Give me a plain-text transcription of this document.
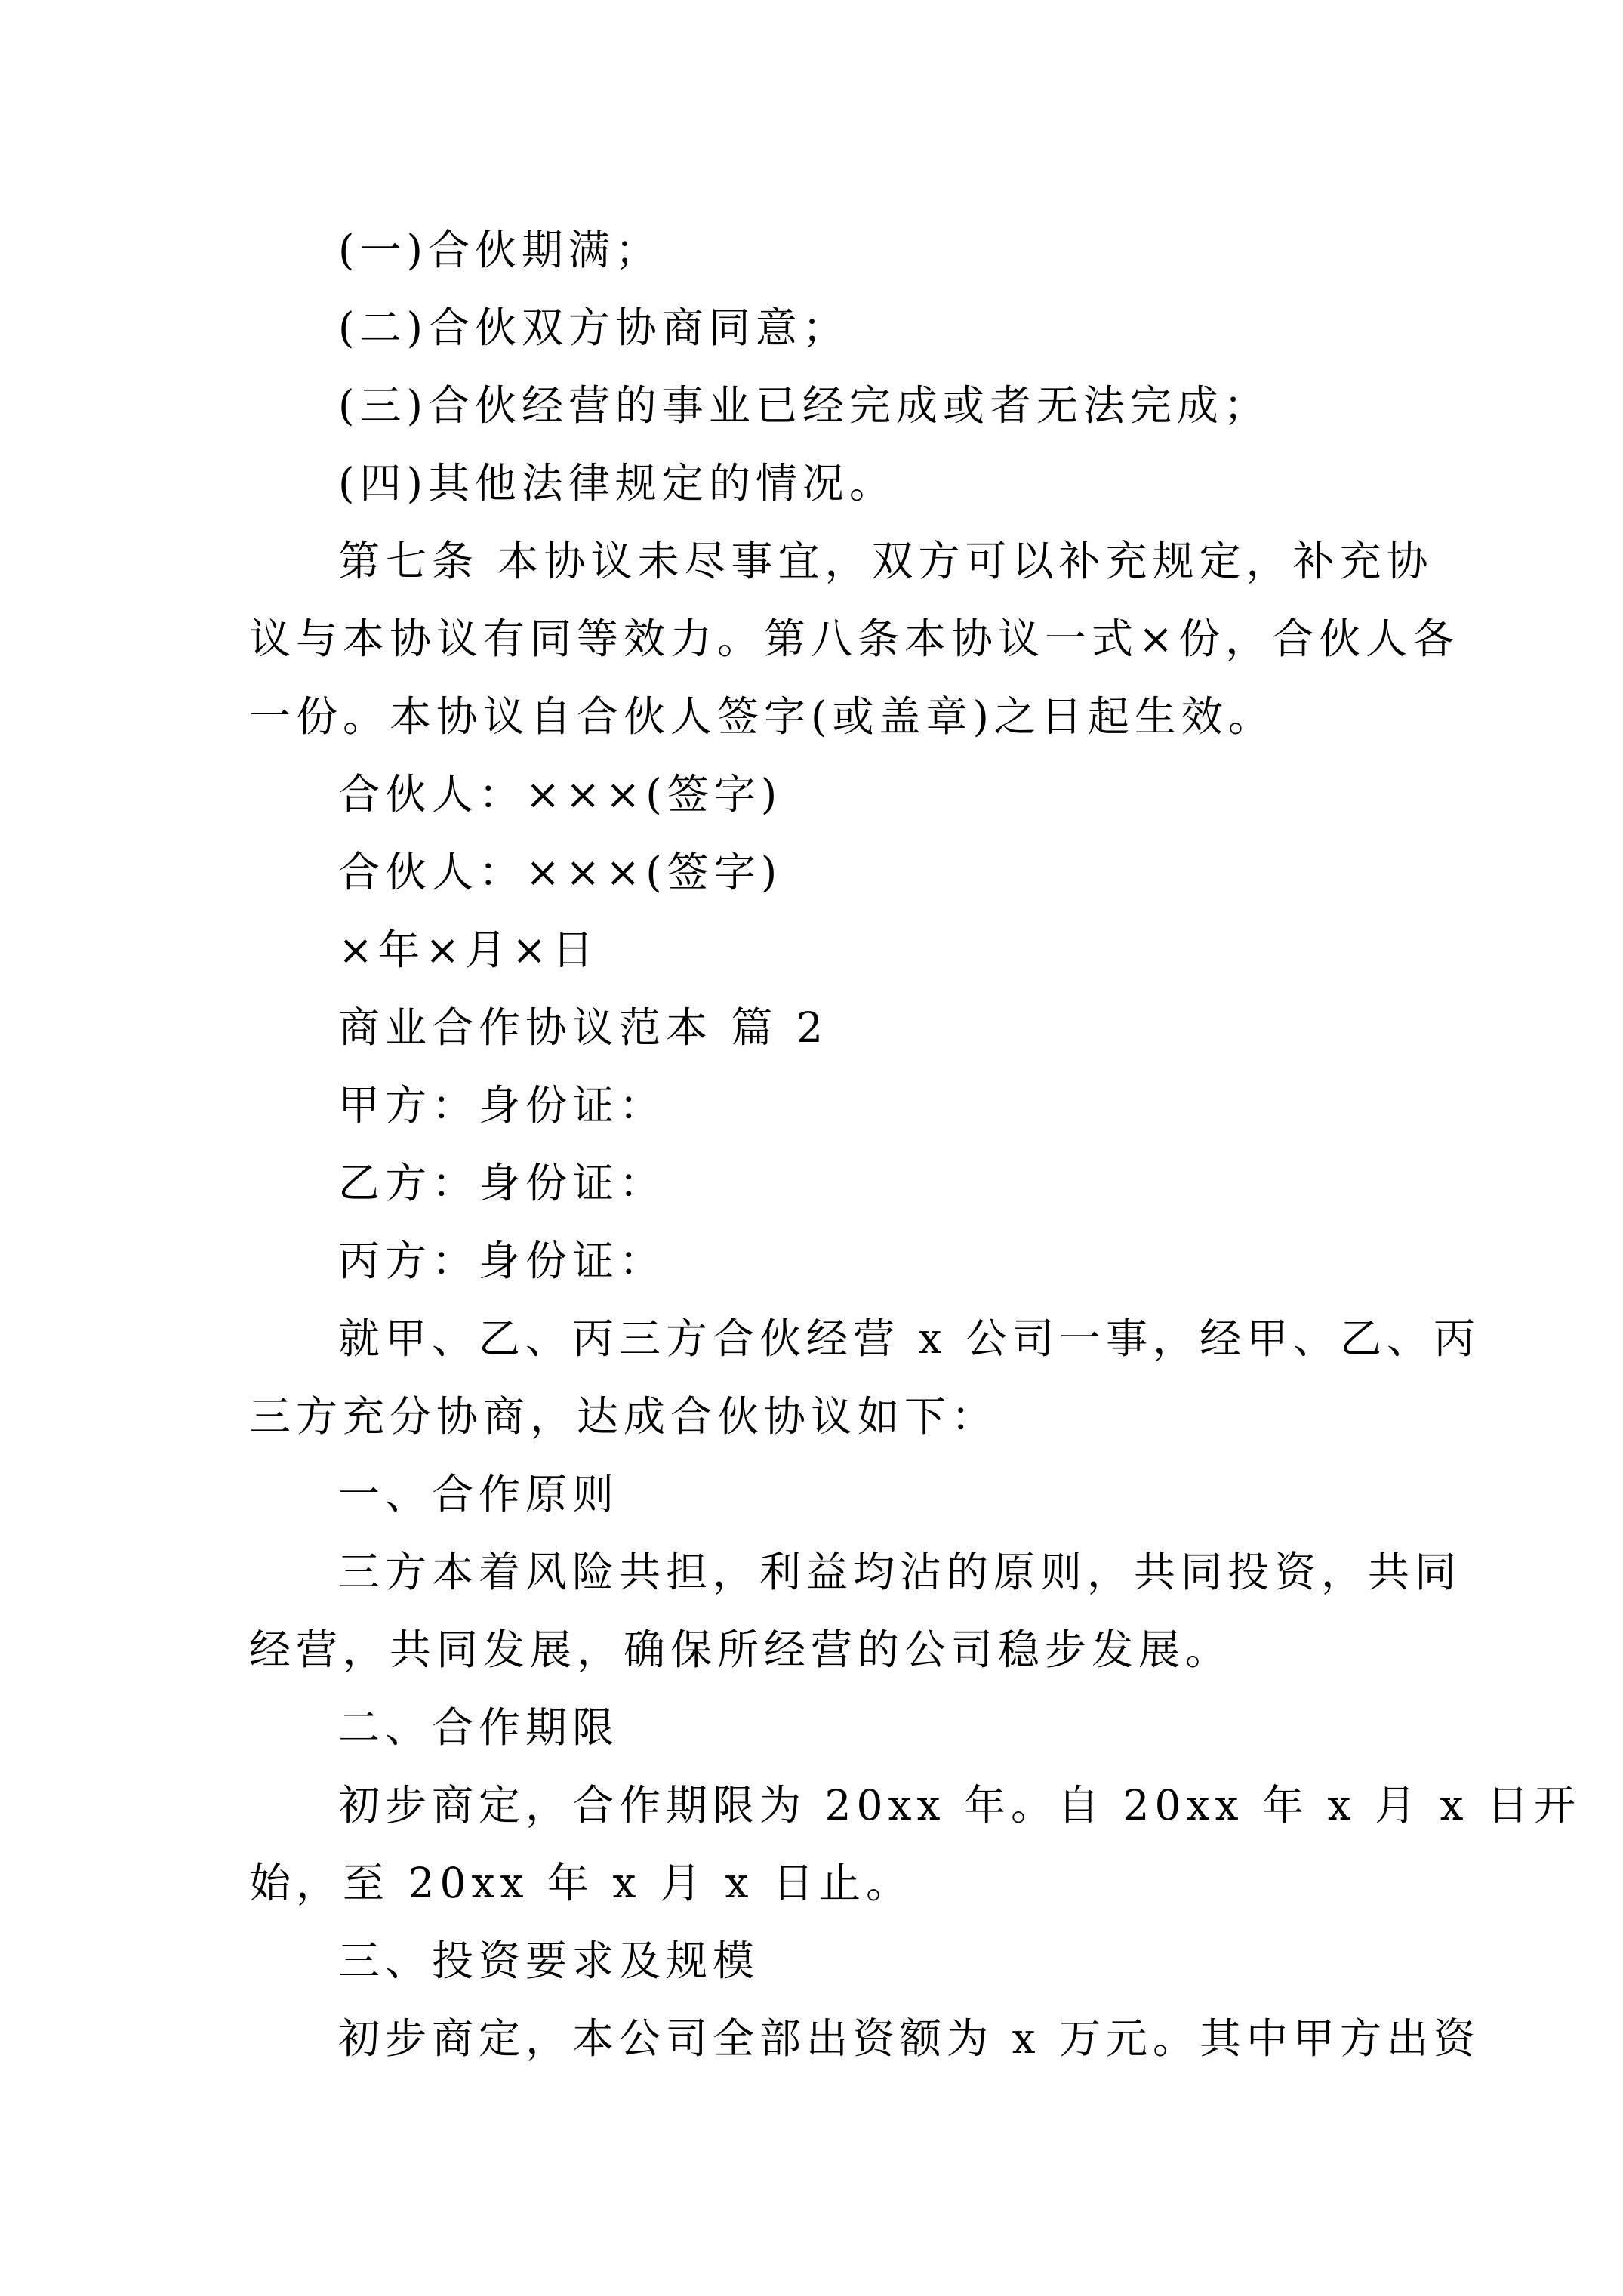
(一)合伙期满；
(二)合伙双方协商同意；
(三)合伙经营的事业已经完成或者无法完成；
(四)其他法律规定的情况。
第七条 本协议未尽事宜，双方可以补充规定，补充协
议与本协议有同等效力。第八条本协议一式×份，合伙人各
一份。本协议自合伙人签字(或盖章)之日起生效。
合伙人：×××(签字)
合伙人：×××(签字)
×年×月×日
商业合作协议范本 篇 2
甲方：身份证：
乙方：身份证：
丙方：身份证：
就甲、乙、丙三方合伙经营 x 公司一事，经甲、乙、丙
三方充分协商，达成合伙协议如下：
一、合作原则
三方本着风险共担，利益均沾的原则，共同投资，共同
经营，共同发展，确保所经营的公司稳步发展。
二、合作期限
初步商定，合作期限为 20xx 年。自 20xx 年 x 月 x 日开
始，至 20xx 年 x 月 x 日止。
三、投资要求及规模
初步商定，本公司全部出资额为 x 万元。其中甲方出资
